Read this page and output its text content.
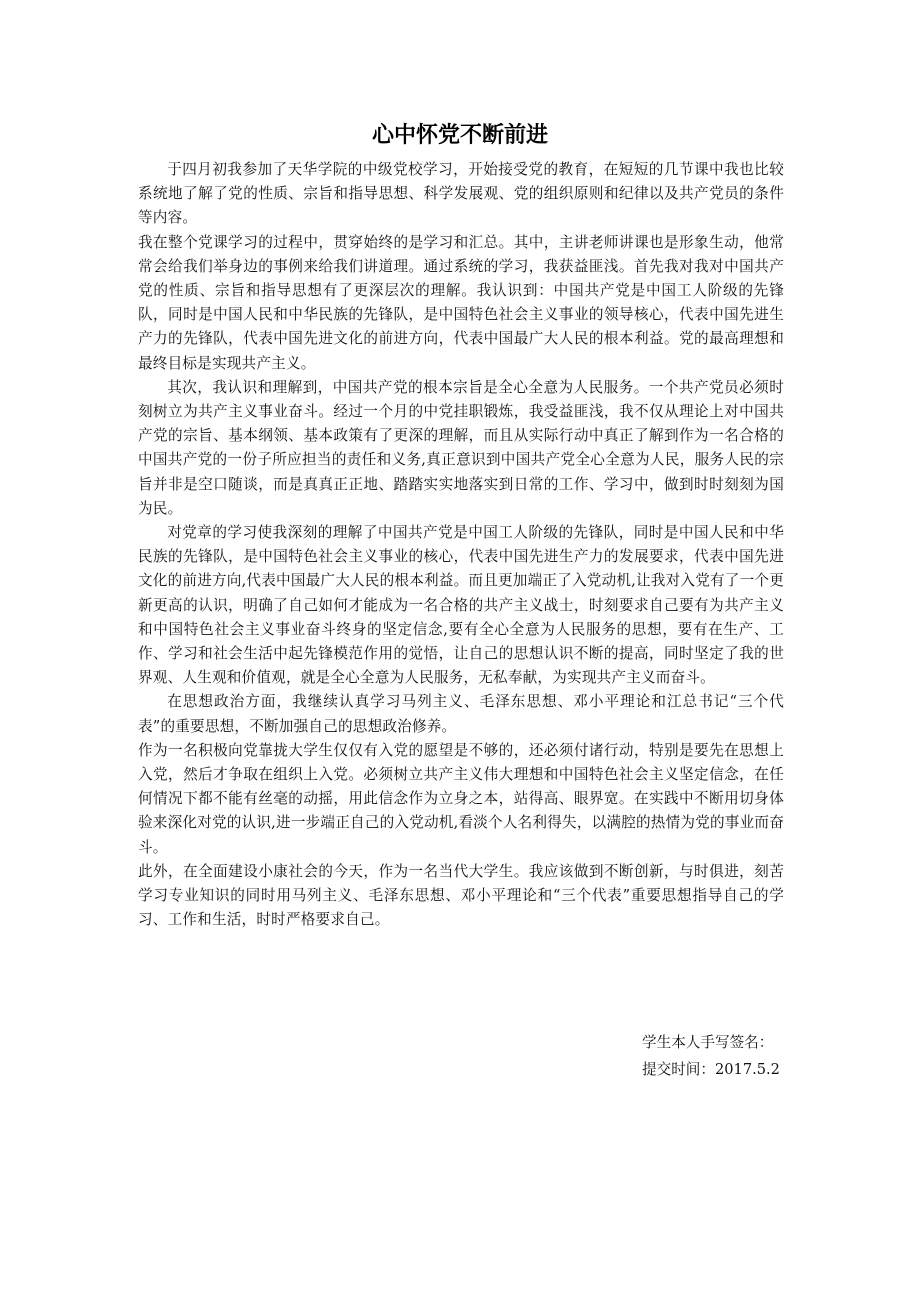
心中怀党不断前进

于四月初我参加了天华学院的中级党校学习，开始接受党的教育，在短短的几节课中我也比较系统地了解了党的性质、宗旨和指导思想、科学发展观、党的组织原则和纪律以及共产党员的条件等内容。

我在整个党课学习的过程中，贯穿始终的是学习和汇总。其中，主讲老师讲课也是形象生动，他常常会给我们举身边的事例来给我们讲道理。通过系统的学习，我获益匪浅。首先我对我对中国共产党的性质、宗旨和指导思想有了更深层次的理解。我认识到：中国共产党是中国工人阶级的先锋队，同时是中国人民和中华民族的先锋队，是中国特色社会主义事业的领导核心，代表中国先进生产力的先锋队，代表中国先进文化的前进方向，代表中国最广大人民的根本利益。党的最高理想和最终目标是实现共产主义。

其次，我认识和理解到，中国共产党的根本宗旨是全心全意为人民服务。一个共产党员必须时刻树立为共产主义事业奋斗。经过一个月的中党挂职锻炼，我受益匪浅，我不仅从理论上对中国共产党的宗旨、基本纲领、基本政策有了更深的理解，而且从实际行动中真正了解到作为一名合格的中国共产党的一份子所应担当的责任和义务,真正意识到中国共产党全心全意为人民，服务人民的宗旨并非是空口随谈，而是真真正正地、踏踏实实地落实到日常的工作、学习中，做到时时刻刻为国为民。

对党章的学习使我深刻的理解了中国共产党是中国工人阶级的先锋队，同时是中国人民和中华民族的先锋队，是中国特色社会主义事业的核心，代表中国先进生产力的发展要求，代表中国先进文化的前进方向,代表中国最广大人民的根本利益。而且更加端正了入党动机,让我对入党有了一个更新更高的认识，明确了自己如何才能成为一名合格的共产主义战士，时刻要求自己要有为共产主义和中国特色社会主义事业奋斗终身的坚定信念,要有全心全意为人民服务的思想，要有在生产、工作、学习和社会生活中起先锋模范作用的觉悟，让自己的思想认识不断的提高，同时坚定了我的世界观、人生观和价值观，就是全心全意为人民服务，无私奉献，为实现共产主义而奋斗。

在思想政治方面，我继续认真学习马列主义、毛泽东思想、邓小平理论和江总书记“三个代表”的重要思想，不断加强自己的思想政治修养。

作为一名积极向党靠拢大学生仅仅有入党的愿望是不够的，还必须付诸行动，特别是要先在思想上入党，然后才争取在组织上入党。必须树立共产主义伟大理想和中国特色社会主义坚定信念，在任何情况下都不能有丝毫的动摇，用此信念作为立身之本，站得高、眼界宽。在实践中不断用切身体验来深化对党的认识,进一步端正自己的入党动机,看淡个人名利得失，以满腔的热情为党的事业而奋斗。

此外，在全面建设小康社会的今天，作为一名当代大学生。我应该做到不断创新，与时俱进，刻苦学习专业知识的同时用马列主义、毛泽东思想、邓小平理论和“三个代表”重要思想指导自己的学习、工作和生活，时时严格要求自己。

学生本人手写签名：
提交时间：2017.5.2
